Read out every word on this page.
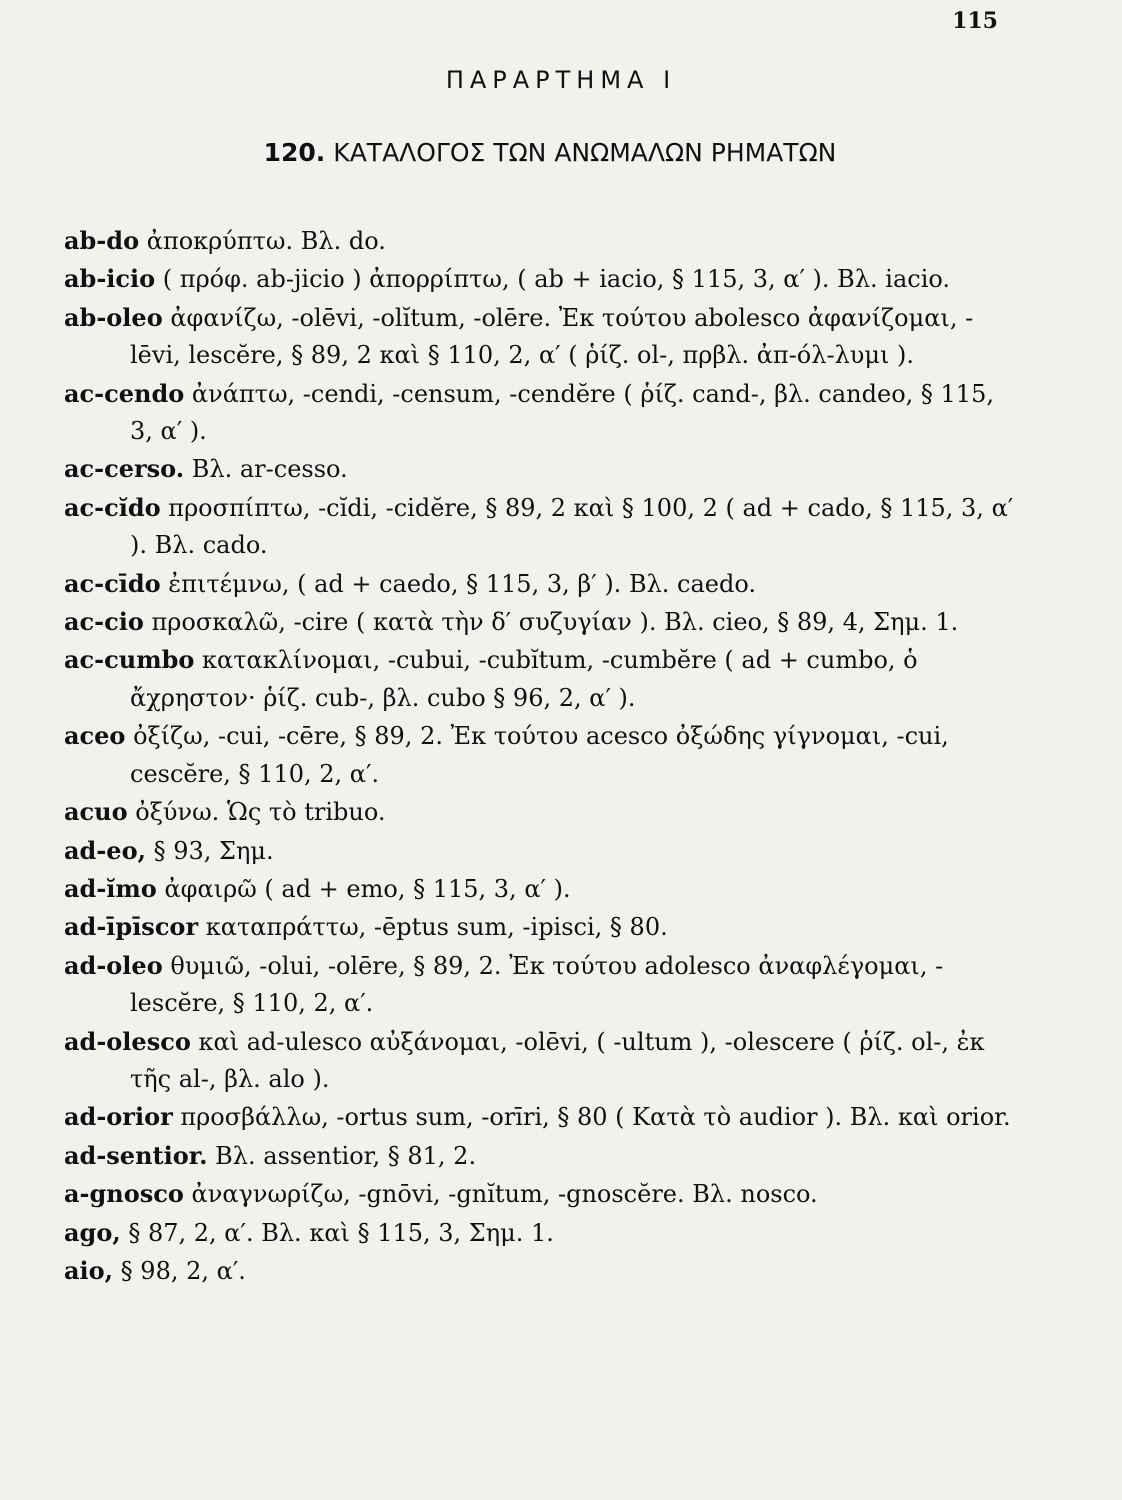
115
ΠΑΡΑΡΤΗΜΑ Ι
120. ΚΑΤΑΛΟΓΟΣ ΤΩΝ ΑΝΩΜΑΛΩΝ ΡΗΜΑΤΩΝ

ab-do ἀποκρύπτω. Βλ. do.

ab-icio ( πρόφ. ab-jicio ) ἀπορρίπτω, ( ab + iacio, § 115, 3, α′ ). Βλ. iacio.

ab-oleo ἀφανίζω, -olēvi, -olĭtum, -olēre. Ἐκ τούτου abolesco ἀφανίζομαι, -lēvi, lescĕre, § 89, 2 καὶ § 110, 2, α′ ( ῥίζ. ol-, πρβλ. ἀπ-όλ-λυμι ).

ac-cendo ἀνάπτω, -cendi, -censum, -cendĕre ( ῥίζ. cand-, βλ. candeo, § 115, 3, α′ ).

ac-cerso. Βλ. ar-cesso.

ac-cĭdo προσπίπτω, -cĭdi, -cidĕre, § 89, 2 καὶ § 100, 2 ( ad + cado, § 115, 3, α′ ). Βλ. cado.

ac-cīdo ἐπιτέμνω, ( ad + caedo, § 115, 3, β′ ). Βλ. caedo.

ac-cio προσκαλῶ, -cire ( κατὰ τὴν δ′ συζυγίαν ). Βλ. cieo, § 89, 4, Σημ. 1.

ac-cumbo κατακλίνομαι, -cubui, -cubĭtum, -cumbĕre ( ad + cumbo, ὁ ἄχρηστον· ῥίζ. cub-, βλ. cubo § 96, 2, α′ ).

aceo ὀξίζω, -cui, -cēre, § 89, 2. Ἐκ τούτου acesco ὀξώδης γίγνομαι, -cui, cescĕre, § 110, 2, α′.

acuo ὀξύνω. Ὡς τὸ tribuo.

ad-eo, § 93, Σημ.

ad-ĭmo ἀφαιρῶ ( ad + emo, § 115, 3, α′ ).

ad-īpīscor καταπράττω, -ēptus sum, -ipisci, § 80.

ad-oleo θυμιῶ, -olui, -olēre, § 89, 2. Ἐκ τούτου adolesco ἀναφλέγομαι, -lescĕre, § 110, 2, α′.

ad-olesco καὶ ad-ulesco αὐξάνομαι, -olēvi, ( -ultum ), -olescere ( ῥίζ. ol-, ἐκ τῆς al-, βλ. alo ).

ad-orior προσβάλλω, -ortus sum, -orīri, § 80 ( Κατὰ τὸ audior ). Βλ. καὶ orior.

ad-sentior. Βλ. assentior, § 81, 2.

a-gnosco ἀναγνωρίζω, -gnōvi, -gnĭtum, -gnoscĕre. Βλ. nosco.

ago, § 87, 2, α′. Βλ. καὶ § 115, 3, Σημ. 1.

aio, § 98, 2, α′.
